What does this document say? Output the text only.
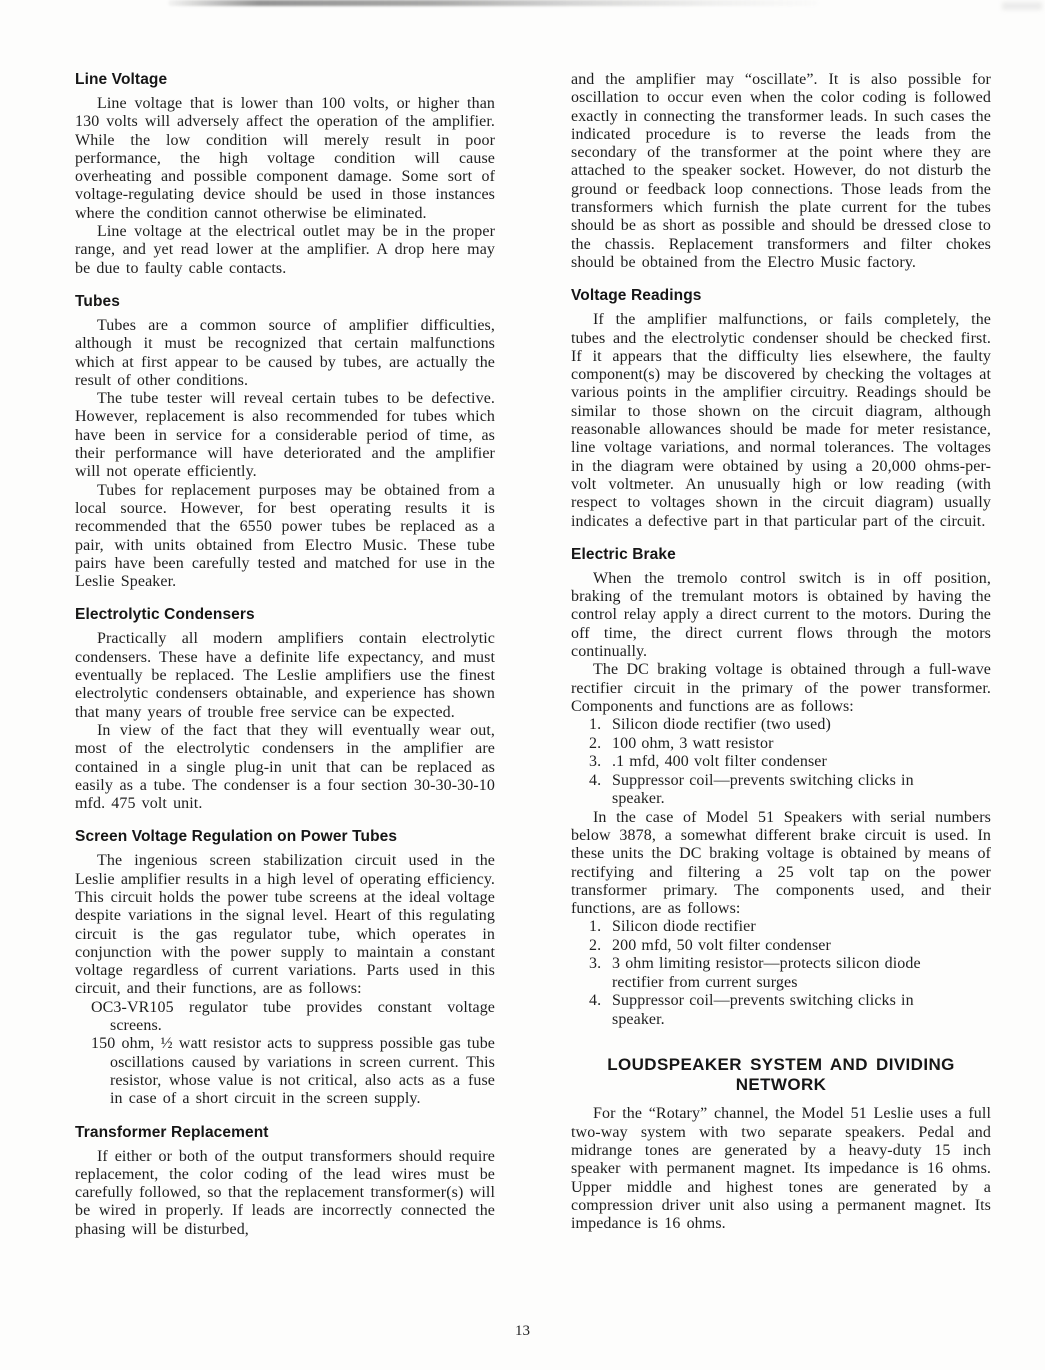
Line Voltage

Line voltage that is lower than 100 volts, or higher than 130 volts will adversely affect the operation of the amplifier. While the low condition will merely result in poor performance, the high voltage condition will cause overheating and possible component damage. Some sort of voltage-regulating device should be used in those instances where the condition cannot otherwise be eliminated.

Line voltage at the electrical outlet may be in the proper range, and yet read lower at the amplifier. A drop here may be due to faulty cable contacts.

Tubes

Tubes are a common source of amplifier difficulties, although it must be recognized that certain malfunctions which at first appear to be caused by tubes, are actually the result of other conditions.

The tube tester will reveal certain tubes to be defective. However, replacement is also recommended for tubes which have been in service for a considerable period of time, as their performance will have deteriorated and the amplifier will not operate efficiently.

Tubes for replacement purposes may be obtained from a local source. However, for best operating results it is recommended that the 6550 power tubes be replaced as a pair, with units obtained from Electro Music. These tube pairs have been carefully tested and matched for use in the Leslie Speaker.

Electrolytic Condensers

Practically all modern amplifiers contain electrolytic condensers. These have a definite life expectancy, and must eventually be replaced. The Leslie amplifiers use the finest electrolytic condensers obtainable, and experience has shown that many years of trouble free service can be expected.

In view of the fact that they will eventually wear out, most of the electrolytic condensers in the amplifier are contained in a single plug-in unit that can be replaced as easily as a tube. The condenser is a four section 30-30-30-10 mfd. 475 volt unit.

Screen Voltage Regulation on Power Tubes

The ingenious screen stabilization circuit used in the Leslie amplifier results in a high level of operating efficiency. This circuit holds the power tube screens at the ideal voltage despite variations in the signal level. Heart of this regulating circuit is the gas regulator tube, which operates in conjunction with the power supply to maintain a constant voltage regardless of current variations. Parts used in this circuit, and their functions, are as follows:

OC3-VR105 regulator tube provides constant voltage screens.

150 ohm, ½ watt resistor acts to suppress possible gas tube oscillations caused by variations in screen current. This resistor, whose value is not critical, also acts as a fuse in case of a short circuit in the screen supply.

Transformer Replacement

If either or both of the output transformers should require replacement, the color coding of the lead wires must be carefully followed, so that the replacement transformer(s) will be wired in properly. If leads are incorrectly connected the phasing will be disturbed,

and the amplifier may “oscillate”. It is also possible for oscillation to occur even when the color coding is followed exactly in connecting the transformer leads. In such cases the indicated procedure is to reverse the leads from the secondary of the transformer at the point where they are attached to the speaker socket. However, do not disturb the ground or feedback loop connections. Those leads from the transformers which furnish the plate current for the tubes should be as short as possible and should be dressed close to the chassis. Replacement transformers and filter chokes should be obtained from the Electro Music factory.

Voltage Readings

If the amplifier malfunctions, or fails completely, the tubes and the electrolytic condenser should be checked first. If it appears that the difficulty lies elsewhere, the faulty component(s) may be discovered by checking the voltages at various points in the amplifier circuitry. Readings should be similar to those shown on the circuit diagram, although reasonable allowances should be made for meter resistance, line voltage variations, and normal tolerances. The voltages in the diagram were obtained by using a 20,000 ohms-per-volt voltmeter. An unusually high or low reading (with respect to voltages shown in the circuit diagram) usually indicates a defective part in that particular part of the circuit.

Electric Brake

When the tremolo control switch is in off position, braking of the tremulant motors is obtained by having the control relay apply a direct current to the motors. During the off time, the direct current flows through the motors continually.

The DC braking voltage is obtained through a full-wave rectifier circuit in the primary of the power transformer. Components and functions are as follows:

1. Silicon diode rectifier (two used)
2. 100 ohm, 3 watt resistor
3. .1 mfd, 400 volt filter condenser
4. Suppressor coil—prevents switching clicks in speaker.

In the case of Model 51 Speakers with serial numbers below 3878, a somewhat different brake circuit is used. In these units the DC braking voltage is obtained by means of rectifying and filtering a 25 volt tap on the power transformer primary. The components used, and their functions, are as follows:

1. Silicon diode rectifier
2. 200 mfd, 50 volt filter condenser
3. 3 ohm limiting resistor—protects silicon diode rectifier from current surges
4. Suppressor coil—prevents switching clicks in speaker.

LOUDSPEAKER SYSTEM AND DIVIDING NETWORK

For the “Rotary” channel, the Model 51 Leslie uses a full two-way system with two separate speakers. Pedal and midrange tones are generated by a heavy-duty 15 inch speaker with permanent magnet. Its impedance is 16 ohms. Upper middle and highest tones are generated by a compression driver unit also using a permanent magnet. Its impedance is 16 ohms.

13
